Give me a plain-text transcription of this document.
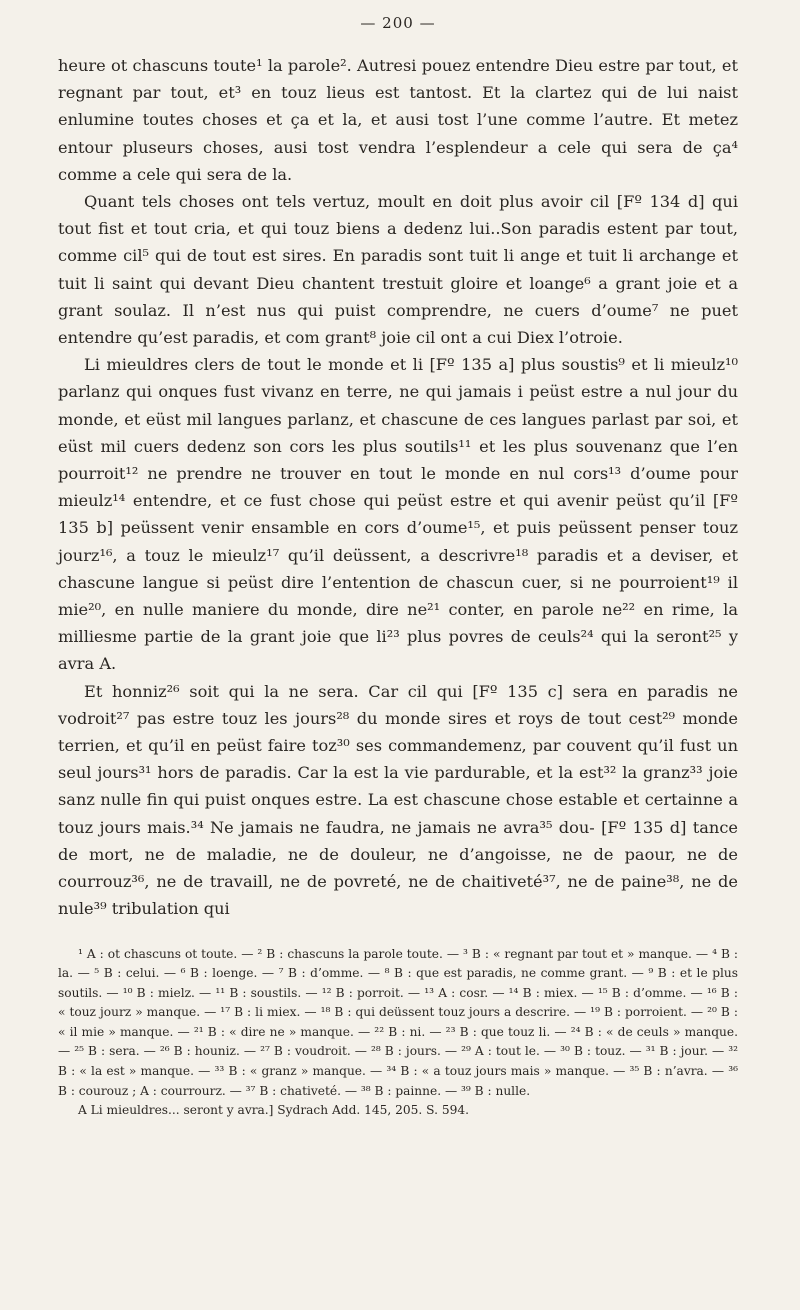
— 200 —

heure ot chascuns toute¹ la parole². Autresi pouez entendre Dieu estre par tout, et regnant par tout, et³ en touz lieus est tantost. Et la clartez qui de lui naist enlumine toutes choses et ça et la, et ausi tost l’une comme l’autre. Et metez entour pluseurs choses, ausi tost vendra l’esplendeur a cele qui sera de ça⁴ comme a cele qui sera de la.

Quant tels choses ont tels vertuz, moult en doit plus avoir cil [Fº 134 d] qui tout fist et tout cria, et qui touz biens a dedenz lui..Son paradis estent par tout, comme cil⁵ qui de tout est sires. En paradis sont tuit li ange et tuit li archange et tuit li saint qui devant Dieu chantent trestuit gloire et loange⁶ a grant joie et a grant soulaz. Il n’est nus qui puist comprendre, ne cuers d’oume⁷ ne puet entendre qu’est paradis, et com grant⁸ joie cil ont a cui Diex l’otroie.

Li mieuldres clers de tout le monde et li [Fº 135 a] plus soustis⁹ et li mieulz¹⁰ parlanz qui onques fust vivanz en terre, ne qui jamais i peüst estre a nul jour du monde, et eüst mil langues parlanz, et chascune de ces langues parlast par soi, et eüst mil cuers dedenz son cors les plus soutils¹¹ et les plus souvenanz que l’en pourroit¹² ne prendre ne trouver en tout le monde en nul cors¹³ d’oume pour mieulz¹⁴ entendre, et ce fust chose qui peüst estre et qui avenir peüst qu’il [Fº 135 b] peüssent venir ensamble en cors d’oume¹⁵, et puis peüssent penser touz jourz¹⁶, a touz le mieulz¹⁷ qu’il deüssent, a descrivre¹⁸ paradis et a deviser, et chascune langue si peüst dire l’entention de chascun cuer, si ne pourroient¹⁹ il mie²⁰, en nulle maniere du monde, dire ne²¹ conter, en parole ne²² en rime, la milliesme partie de la grant joie que li²³ plus povres de ceuls²⁴ qui la seront²⁵ y avra A.

Et honniz²⁶ soit qui la ne sera. Car cil qui [Fº 135 c] sera en paradis ne vodroit²⁷ pas estre touz les jours²⁸ du monde sires et roys de tout cest²⁹ monde terrien, et qu’il en peüst faire toz³⁰ ses commandemenz, par couvent qu’il fust un seul jours³¹ hors de paradis. Car la est la vie pardurable, et la est³² la granz³³ joie sanz nulle fin qui puist onques estre. La est chascune chose estable et certainne a touz jours mais.³⁴ Ne jamais ne faudra, ne jamais ne avra³⁵ dou- [Fº 135 d] tance de mort, ne de maladie, ne de douleur, ne d’angoisse, ne de paour, ne de courrouz³⁶, ne de travaill, ne de povreté, ne de chaitiveté³⁷, ne de paine³⁸, ne de nule³⁹ tribulation qui

¹ A : ot chascuns ot toute. — ² B : chascuns la parole toute. — ³ B : « regnant par tout et » manque. — ⁴ B : la. — ⁵ B : celui. — ⁶ B : loenge. — ⁷ B : d’omme. — ⁸ B : que est paradis, ne comme grant. — ⁹ B : et le plus soutils. — ¹⁰ B : mielz. — ¹¹ B : soustils. — ¹² B : porroit. — ¹³ A : cosr. — ¹⁴ B : miex. — ¹⁵ B : d’omme. — ¹⁶ B : « touz jourz » manque. — ¹⁷ B : li miex. — ¹⁸ B : qui deüssent touz jours a descrire. — ¹⁹ B : porroient. — ²⁰ B : « il mie » manque. — ²¹ B : « dire ne » manque. — ²² B : ni. — ²³ B : que touz li. — ²⁴ B : « de ceuls » manque. — ²⁵ B : sera. — ²⁶ B : houniz. — ²⁷ B : voudroit. — ²⁸ B : jours. — ²⁹ A : tout le. — ³⁰ B : touz. — ³¹ B : jour. — ³² B : « la est » manque. — ³³ B : « granz » manque. — ³⁴ B : « a touz jours mais » manque. — ³⁵ B : n’avra. — ³⁶ B : courouz ; A : courrourz. — ³⁷ B : chativeté. — ³⁸ B : painne. — ³⁹ B : nulle.

A Li mieuldres... seront y avra.] Sydrach Add. 145, 205. S. 594.
